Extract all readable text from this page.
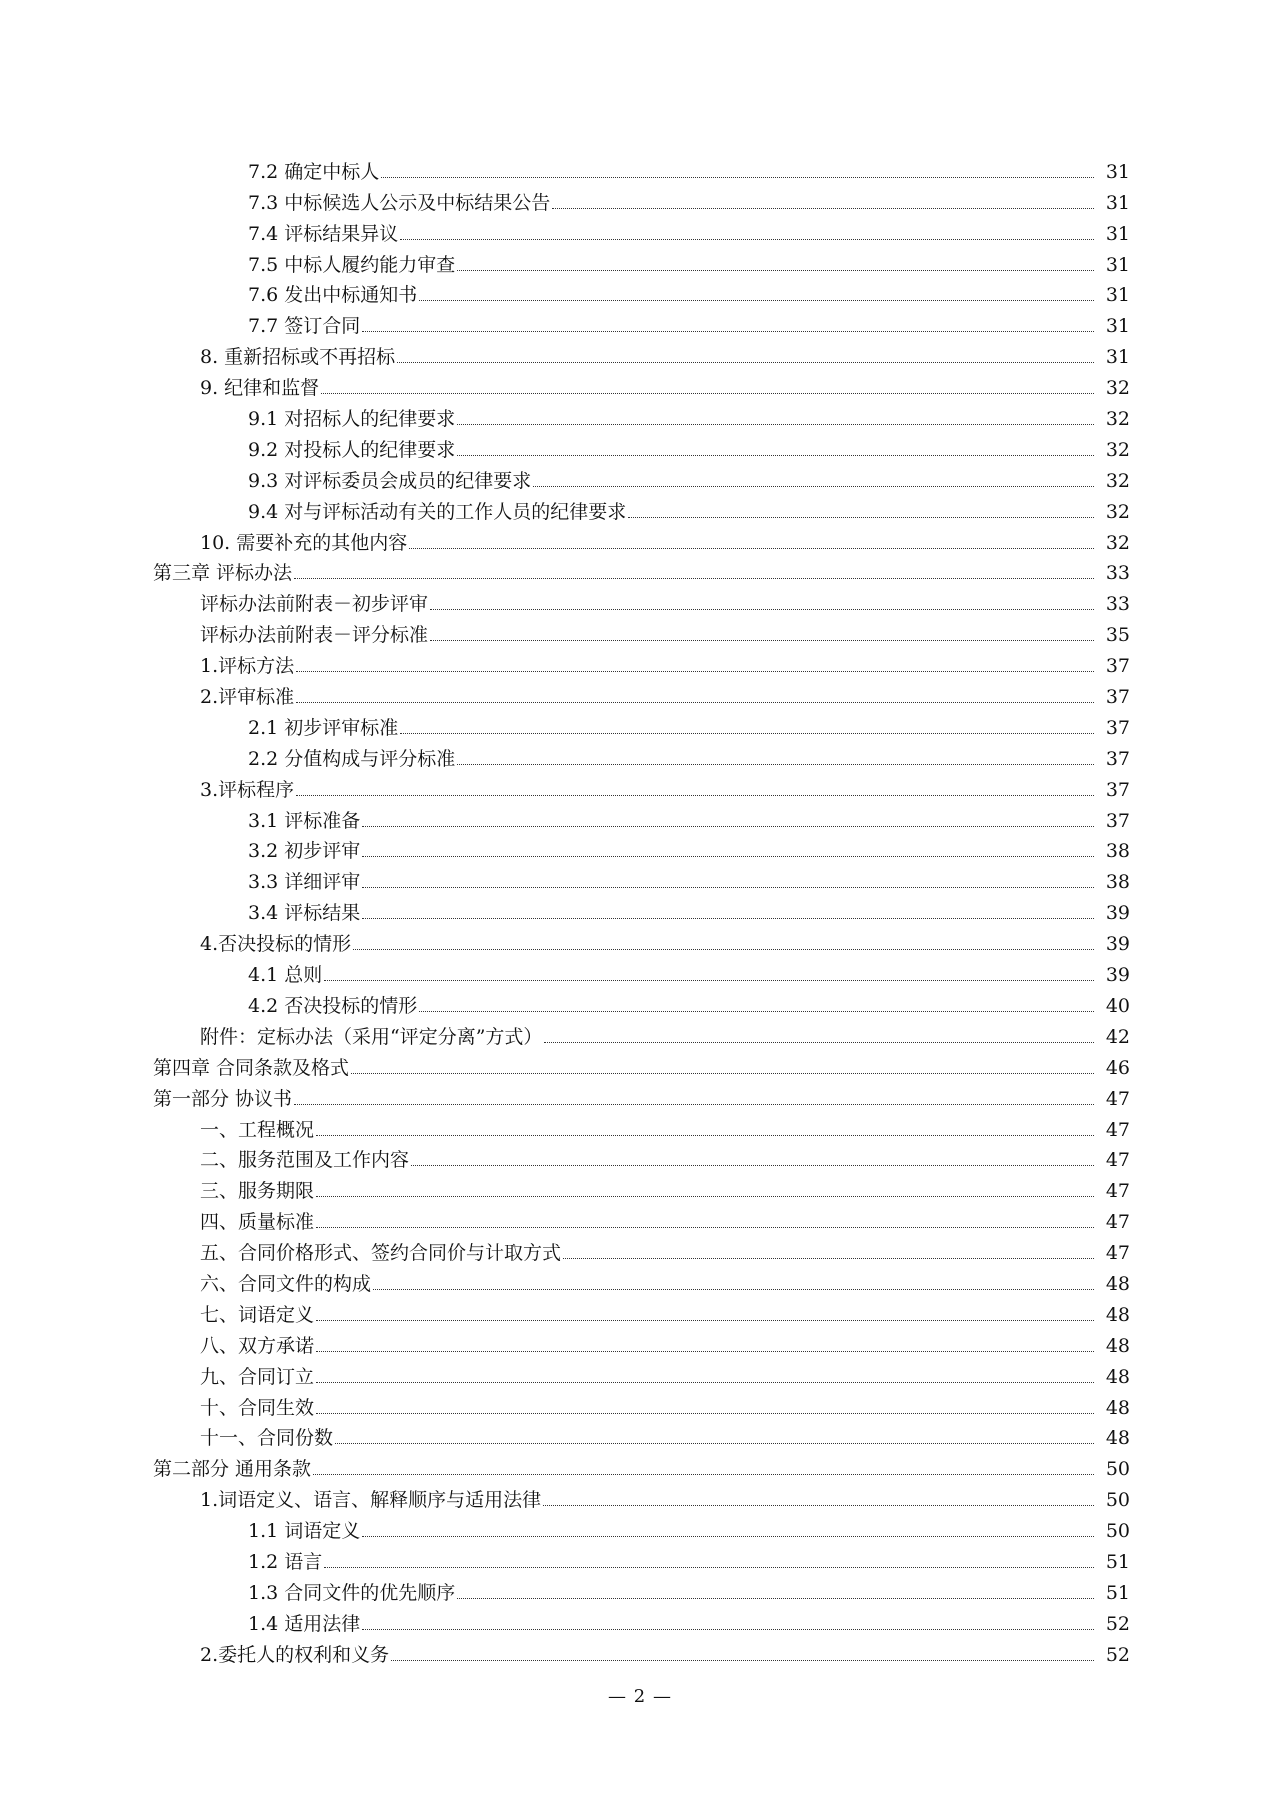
7.2 确定中标人	31
7.3 中标候选人公示及中标结果公告	31
7.4 评标结果异议	31
7.5 中标人履约能力审查	31
7.6 发出中标通知书	31
7.7 签订合同	31
8. 重新招标或不再招标	31
9. 纪律和监督	32
9.1 对招标人的纪律要求	32
9.2 对投标人的纪律要求	32
9.3 对评标委员会成员的纪律要求	32
9.4 对与评标活动有关的工作人员的纪律要求	32
10. 需要补充的其他内容	32
第三章 评标办法	33
评标办法前附表－初步评审	33
评标办法前附表－评分标准	35
1.评标方法	37
2.评审标准	37
2.1 初步评审标准	37
2.2 分值构成与评分标准	37
3.评标程序	37
3.1 评标准备	37
3.2 初步评审	38
3.3 详细评审	38
3.4 评标结果	39
4.否决投标的情形	39
4.1 总则	39
4.2 否决投标的情形	40
附件：定标办法（采用“评定分离”方式）	42
第四章 合同条款及格式	46
第一部分 协议书	47
一、工程概况	47
二、服务范围及工作内容	47
三、服务期限	47
四、质量标准	47
五、合同价格形式、签约合同价与计取方式	47
六、合同文件的构成	48
七、词语定义	48
八、双方承诺	48
九、合同订立	48
十、合同生效	48
十一、合同份数	48
第二部分 通用条款	50
1.词语定义、语言、解释顺序与适用法律	50
1.1 词语定义	50
1.2 语言	51
1.3 合同文件的优先顺序	51
1.4 适用法律	52
2.委托人的权利和义务	52
— 2 —
